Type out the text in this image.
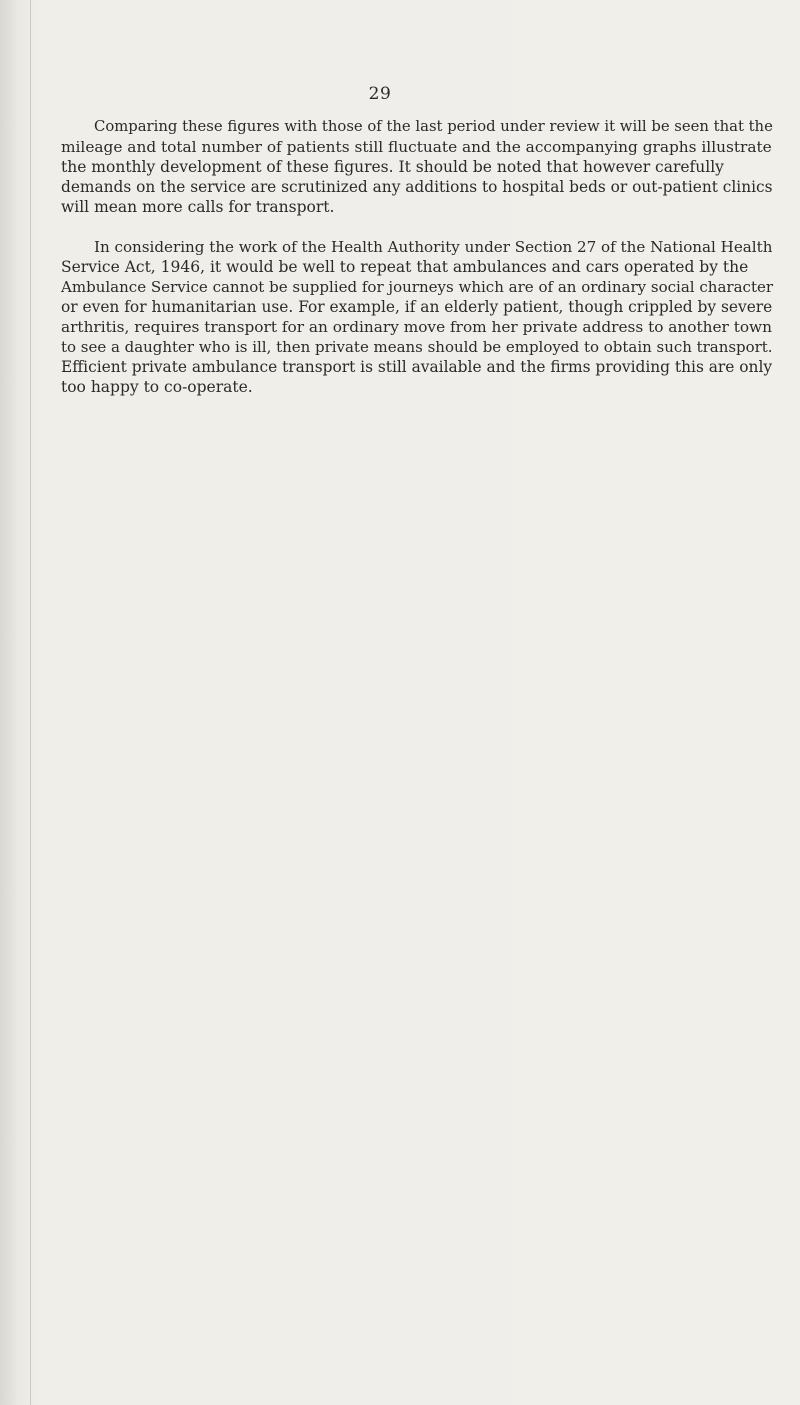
29

Comparing these figures with those of the last period under review it will be seen that the
mileage and total number of patients still fluctuate and the accompanying graphs illustrate
the monthly development of these figures. It should be noted that however carefully
demands on the service are scrutinized any additions to hospital beds or out-patient clinics
will mean more calls for transport.

In considering the work of the Health Authority under Section 27 of the National Health
Service Act, 1946, it would be well to repeat that ambulances and cars operated by the
Ambulance Service cannot be supplied for journeys which are of an ordinary social character
or even for humanitarian use. For example, if an elderly patient, though crippled by severe
arthritis, requires transport for an ordinary move from her private address to another town
to see a daughter who is ill, then private means should be employed to obtain such transport.
Efficient private ambulance transport is still available and the firms providing this are only
too happy to co-operate.
